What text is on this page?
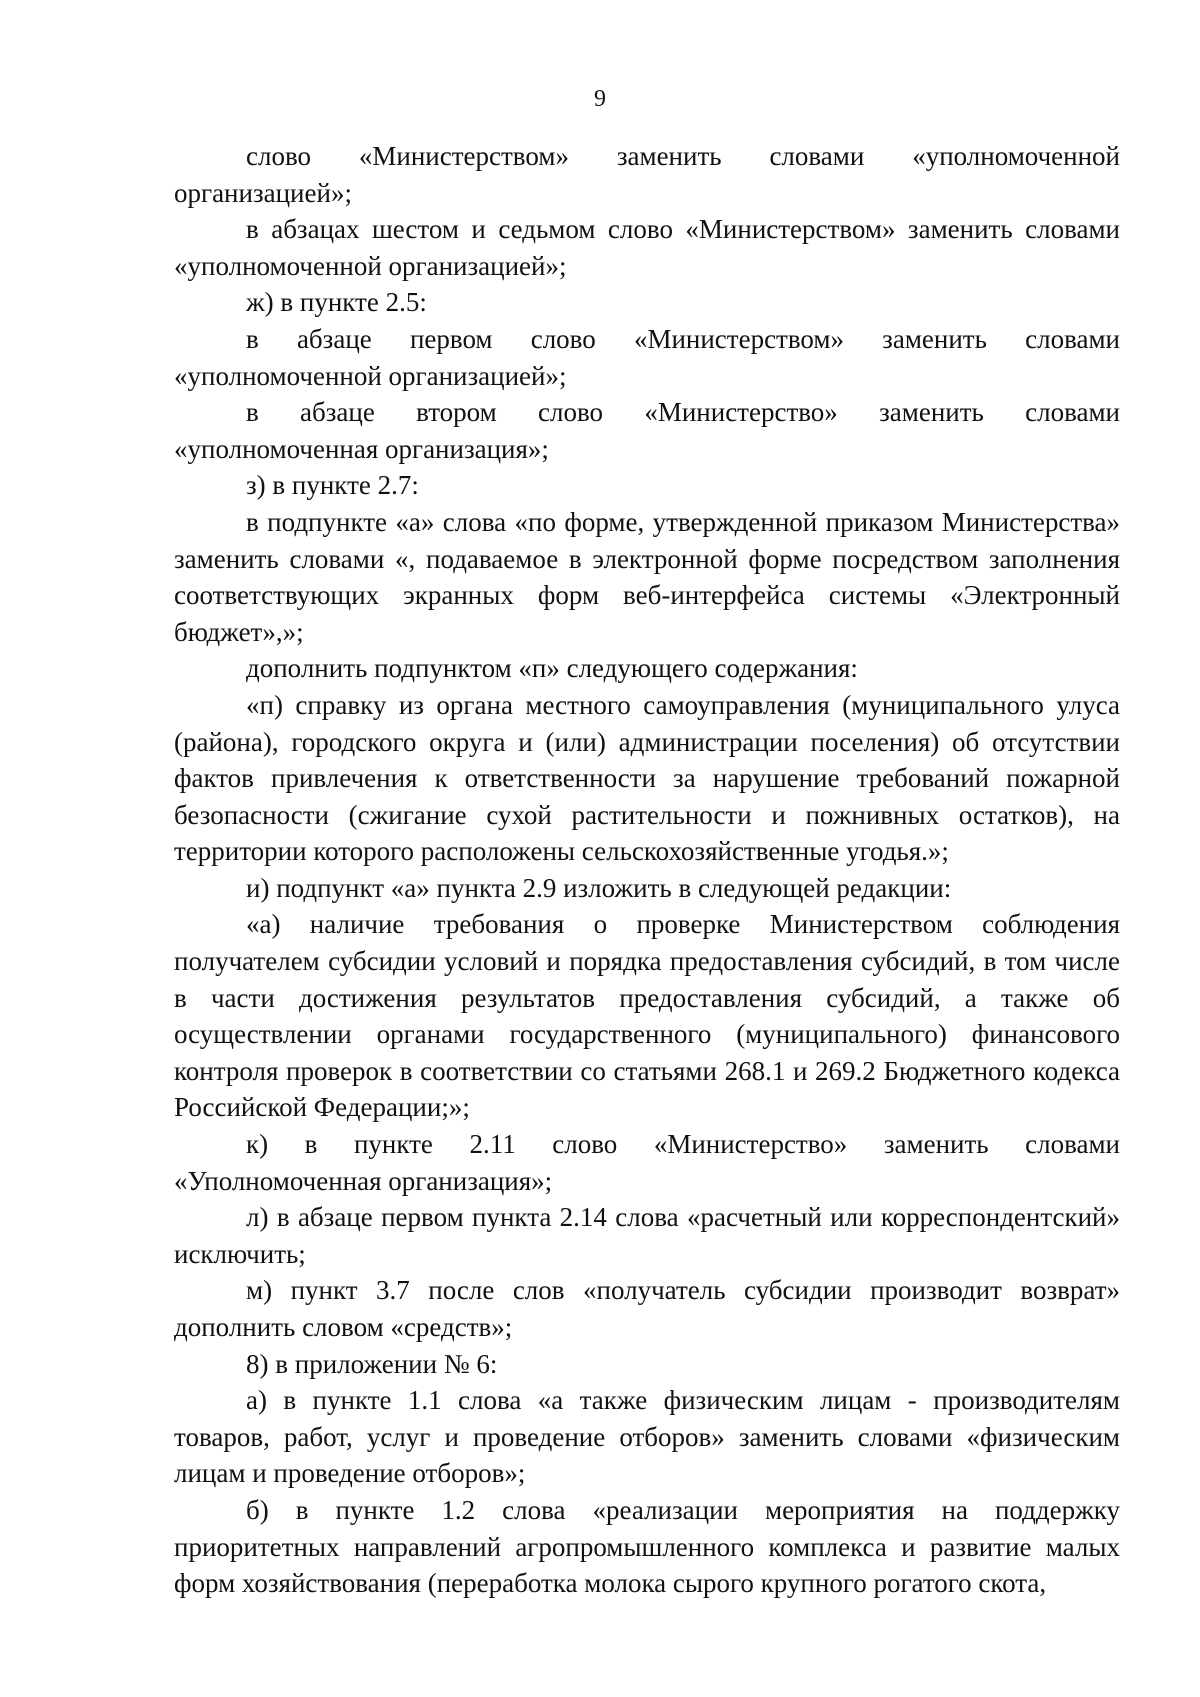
9

слово «Министерством» заменить словами «уполномоченной организацией»;

в абзацах шестом и седьмом слово «Министерством» заменить словами «уполномоченной организацией»;

ж) в пункте 2.5:

в абзаце первом слово «Министерством» заменить словами «уполномоченной организацией»;

в абзаце втором слово «Министерство» заменить словами «уполномоченная организация»;

з) в пункте 2.7:

в подпункте «а» слова «по форме, утвержденной приказом Министерства» заменить словами «, подаваемое в электронной форме посредством заполнения соответствующих экранных форм веб-интерфейса системы «Электронный бюджет»,»;

дополнить подпунктом «п» следующего содержания:

«п) справку из органа местного самоуправления (муниципального улуса (района), городского округа и (или) администрации поселения) об отсутствии фактов привлечения к ответственности за нарушение требований пожарной безопасности (сжигание сухой растительности и пожнивных остатков), на территории которого расположены сельскохозяйственные угодья.»;

и) подпункт «а» пункта 2.9 изложить в следующей редакции:

«а) наличие требования о проверке Министерством соблюдения получателем субсидии условий и порядка предоставления субсидий, в том числе в части достижения результатов предоставления субсидий, а также об осуществлении органами государственного (муниципального) финансового контроля проверок в соответствии со статьями 268.1 и 269.2 Бюджетного кодекса Российской Федерации;»;

к) в пункте 2.11 слово «Министерство» заменить словами «Уполномоченная организация»;

л) в абзаце первом пункта 2.14 слова «расчетный или корреспондентский» исключить;

м) пункт 3.7 после слов «получатель субсидии производит возврат» дополнить словом «средств»;

8) в приложении № 6:

а) в пункте 1.1 слова «а также физическим лицам - производителям товаров, работ, услуг и проведение отборов» заменить словами «физическим лицам и проведение отборов»;

б) в пункте 1.2 слова «реализации мероприятия на поддержку приоритетных направлений агропромышленного комплекса и развитие малых форм хозяйствования (переработка молока сырого крупного рогатого скота,
